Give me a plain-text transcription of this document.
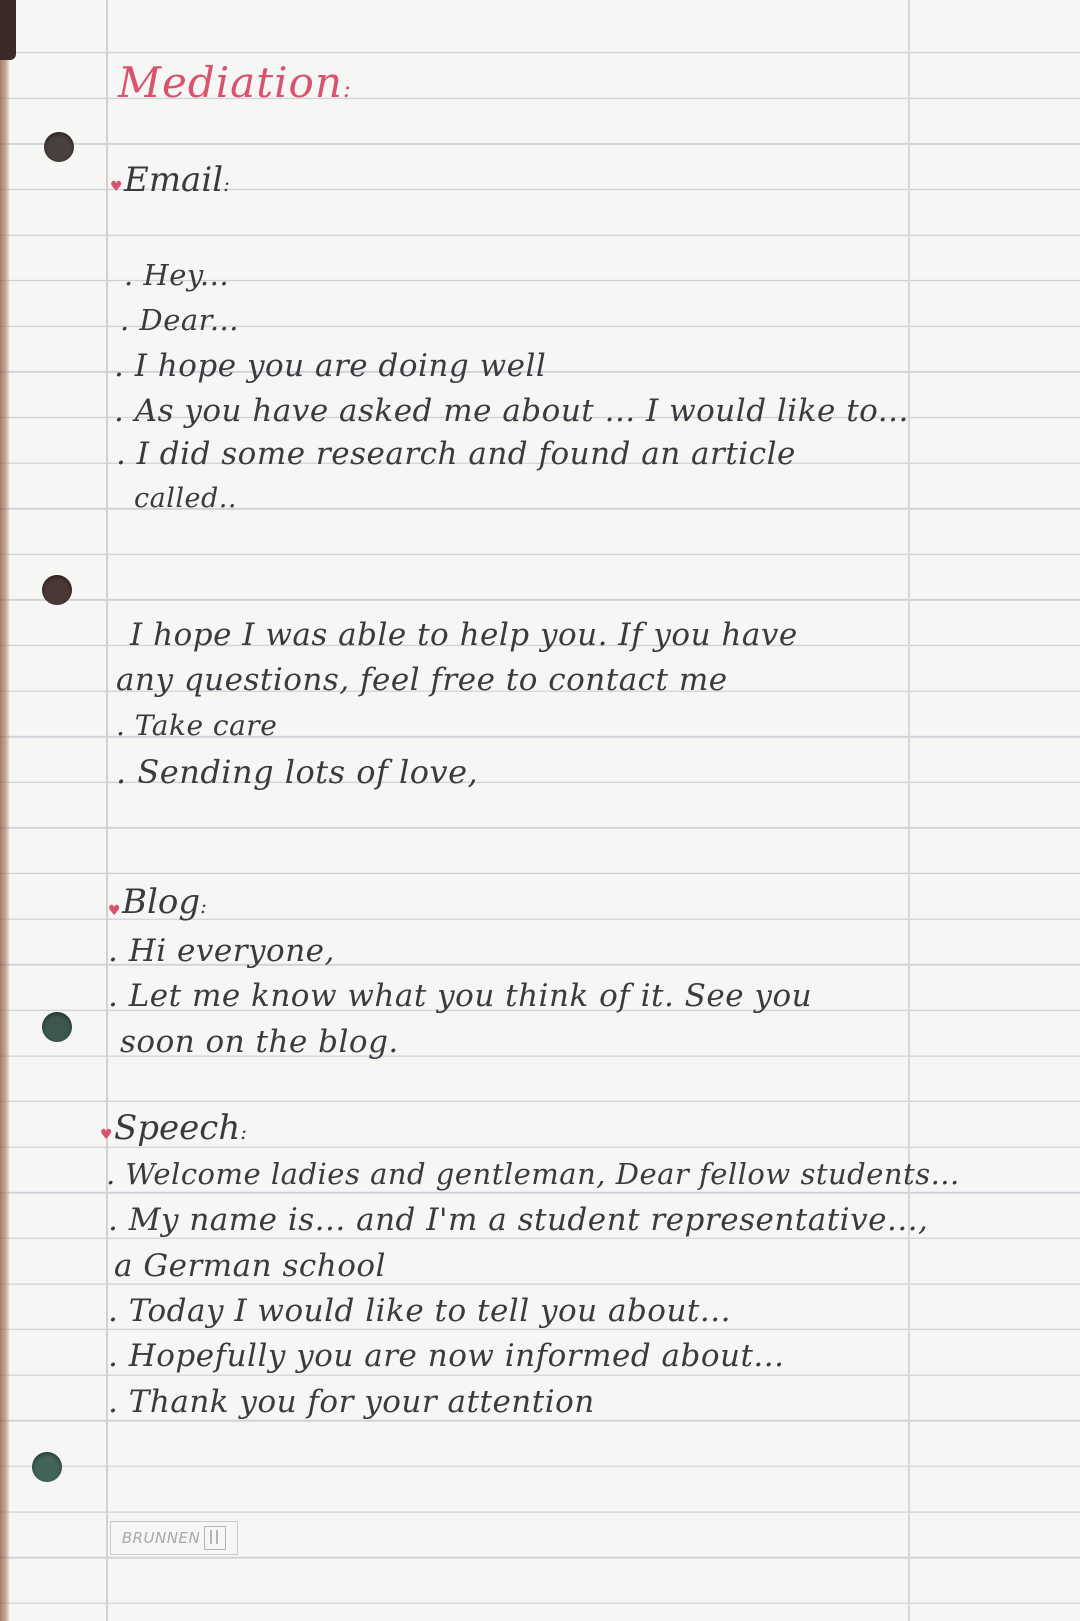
Mediation:
♥ Email:
. Hey...
. Dear...
. I hope you are doing well
. As you have asked me about ... I would like to...
. I did some research and found an article
called..
I hope I was able to help you. If you have
any questions, feel free to contact me
. Take care
. Sending lots of love,
♥ Blog:
. Hi everyone,
. Let me know what you think of it. See you
soon on the blog.
♥ Speech:
. Welcome ladies and gentleman, Dear fellow students...
. My name is... and I'm a student representative...,
a German school
. Today I would like to tell you about...
. Hopefully you are now informed about...
. Thank you for your attention
BRUNNEN
